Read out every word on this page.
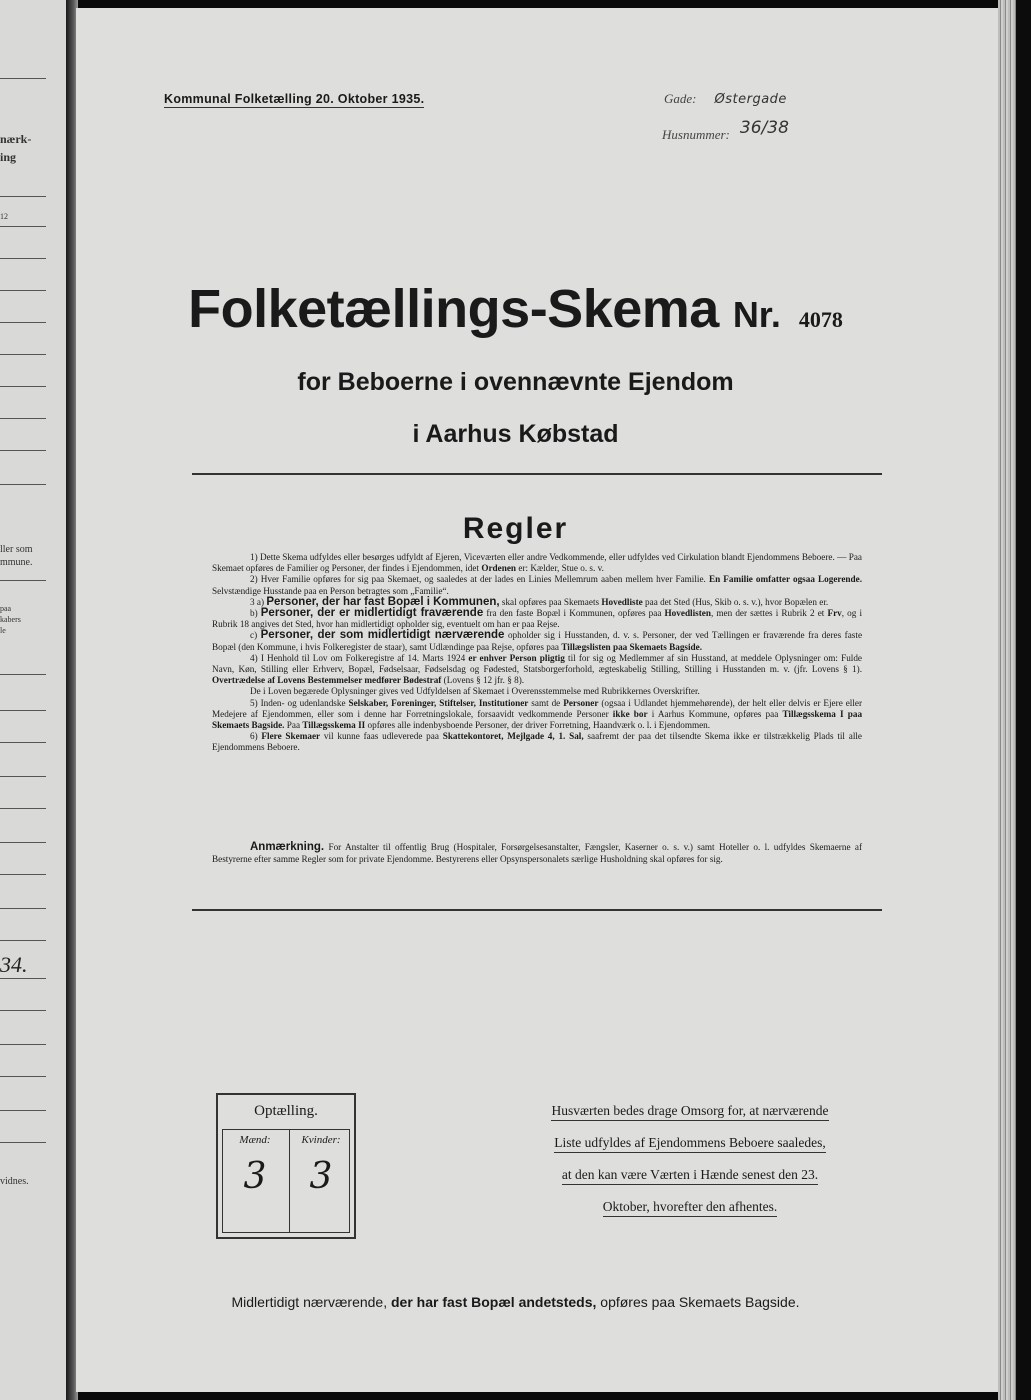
nærk-
ing
12
ller som
mmune.
paa
kabers
le
34.
vidnes.
Kommunal Folketælling 20. Oktober 1935.	Gade: Østergade
Husnummer: 36/38
Folketællings-Skema Nr. 4078
for Beboerne i ovennævnte Ejendom
i Aarhus Købstad
Regler

1) Dette Skema udfyldes eller besørges udfyldt af Ejeren, Viceværten eller andre Vedkommende, eller udfyldes ved Cirkulation blandt Ejendommens Beboere. — Paa Skemaet opføres de Familier og Personer, der findes i Ejendommen, idet Ordenen er: Kælder, Stue o. s. v.

2) Hver Familie opføres for sig paa Skemaet, og saaledes at der lades en Linies Mellemrum aaben mellem hver Familie. En Familie omfatter ogsaa Logerende. Selvstændige Husstande paa en Person betragtes som „Familie“.

3 a) Personer, der har fast Bopæl i Kommunen, skal opføres paa Skemaets Hovedliste paa det Sted (Hus, Skib o. s. v.), hvor Bopælen er.

b) Personer, der er midlertidigt fraværende fra den faste Bopæl i Kommunen, opføres paa Hovedlisten, men der sættes i Rubrik 2 et Frv, og i Rubrik 18 angives det Sted, hvor han midlertidigt opholder sig, eventuelt om han er paa Rejse.

c) Personer, der som midlertidigt nærværende opholder sig i Husstanden, d. v. s. Personer, der ved Tællingen er fraværende fra deres faste Bopæl (den Kommune, i hvis Folkeregister de staar), samt Udlændinge paa Rejse, opføres paa Tillægslisten paa Skemaets Bagside.

4) I Henhold til Lov om Folkeregistre af 14. Marts 1924 er enhver Person pligtig til for sig og Medlemmer af sin Husstand, at meddele Oplysninger om: Fulde Navn, Køn, Stilling eller Erhverv, Bopæl, Fødselsaar, Fødselsdag og Fødested, Statsborgerforhold, ægteskabelig Stilling, Stilling i Husstanden m. v. (jfr. Lovens § 1). Overtrædelse af Lovens Bestemmelser medfører Bødestraf (Lovens § 12 jfr. § 8).

De i Loven begærede Oplysninger gives ved Udfyldelsen af Skemaet i Overensstemmelse med Rubrikkernes Overskrifter.

5) Inden- og udenlandske Selskaber, Foreninger, Stiftelser, Institutioner samt de Personer (ogsaa i Udlandet hjemmehørende), der helt eller delvis er Ejere eller Medejere af Ejendommen, eller som i denne har Forretningslokale, forsaavidt vedkommende Personer ikke bor i Aarhus Kommune, opføres paa Tillægsskema I paa Skemaets Bagside. Paa Tillægsskema II opføres alle indenbysboende Personer, der driver Forretning, Haandværk o. l. i Ejendommen.

6) Flere Skemaer vil kunne faas udleverede paa Skattekontoret, Mejlgade 4, 1. Sal, saafremt der paa det tilsendte Skema ikke er tilstrækkelig Plads til alle Ejendommens Beboere.

Anmærkning. For Anstalter til offentlig Brug (Hospitaler, Forsørgelsesanstalter, Fængsler, Kaserner o. s. v.) samt Hoteller o. l. udfyldes Skemaerne af Bestyrerne efter samme Regler som for private Ejendomme. Bestyrerens eller Opsynspersonalets særlige Husholdning skal opføres for sig.

Optælling.
Mænd:	Kvinder:
3	3
Husværten bedes drage Omsorg for, at nærværende
Liste udfyldes af Ejendommens Beboere saaledes,
at den kan være Værten i Hænde senest den 23.
Oktober, hvorefter den afhentes.
Midlertidigt nærværende, der har fast Bopæl andetsteds, opføres paa Skemaets Bagside.
